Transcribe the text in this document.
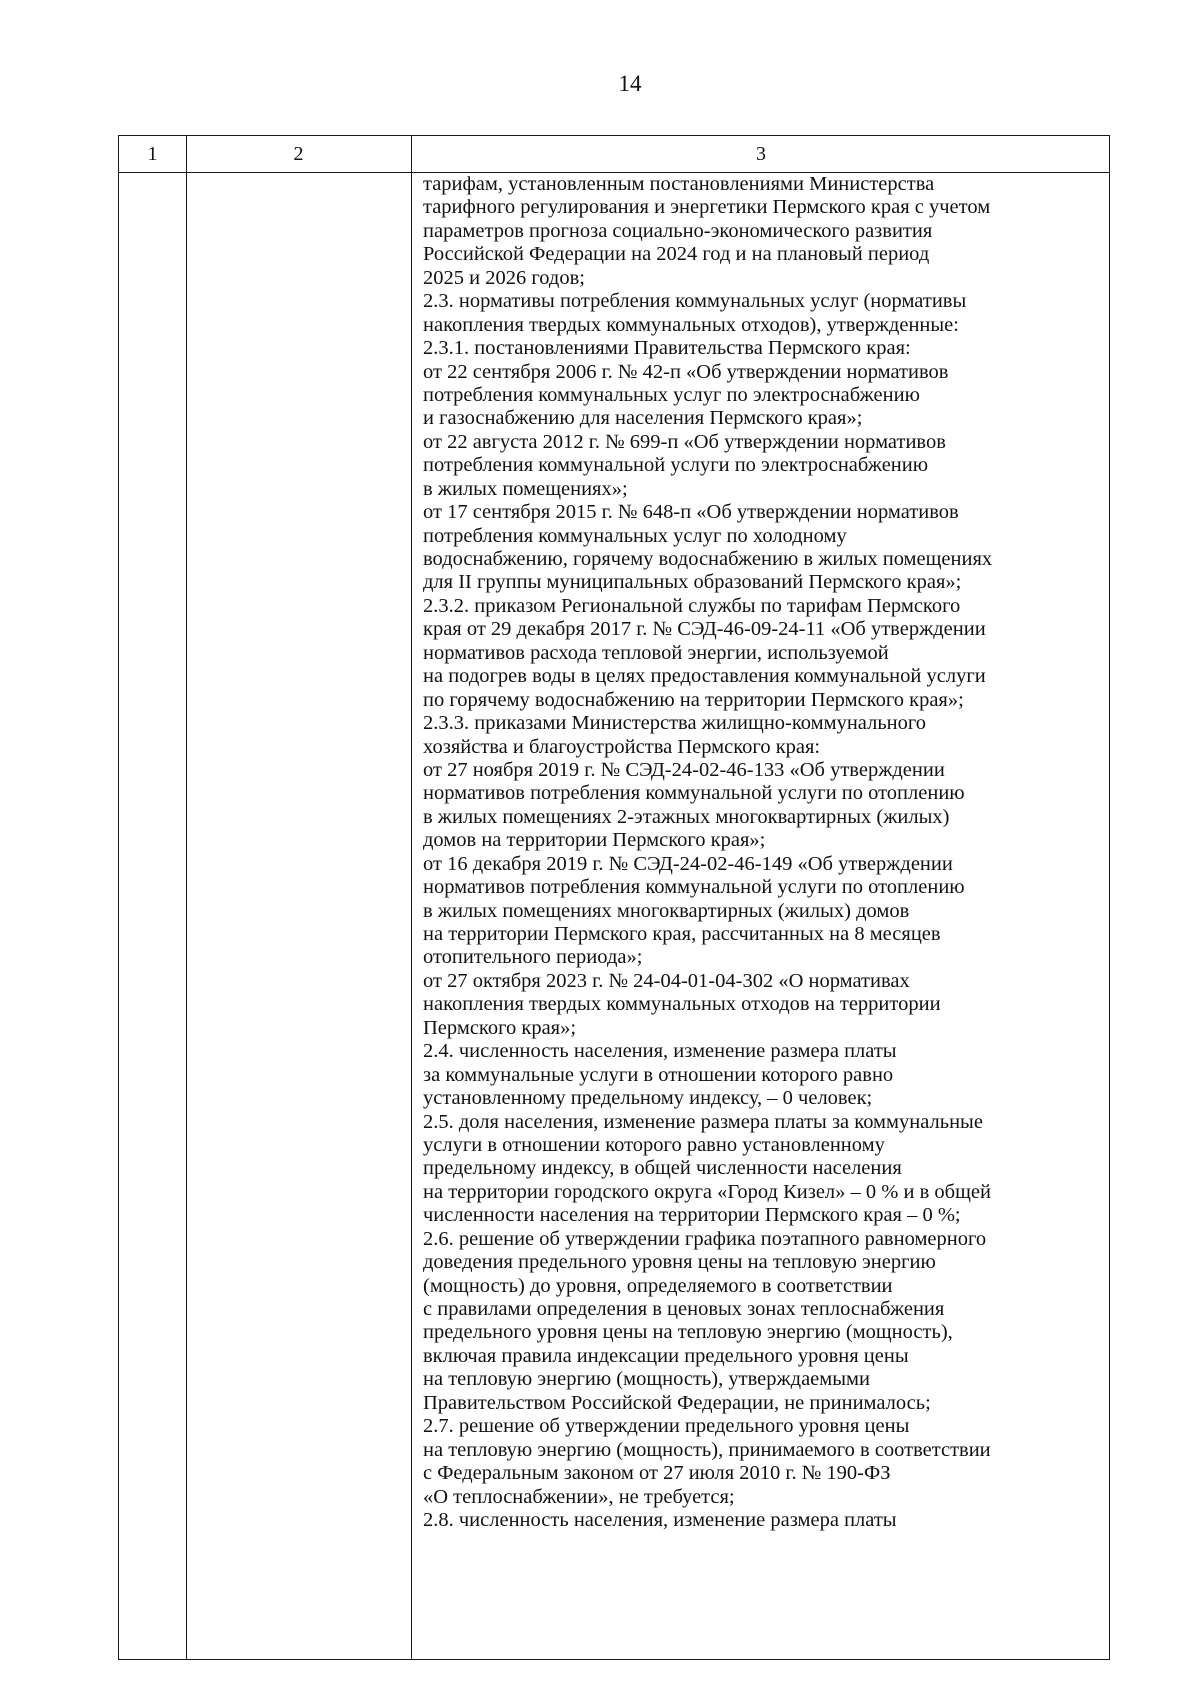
14
1	2	3
тарифам, установленным постановлениями Министерства
тарифного регулирования и энергетики Пермского края с учетом
параметров прогноза социально-экономического развития
Российской Федерации на 2024 год и на плановый период
2025 и 2026 годов;
2.3. нормативы потребления коммунальных услуг (нормативы
накопления твердых коммунальных отходов), утвержденные:
2.3.1. постановлениями Правительства Пермского края:
от 22 сентября 2006 г. № 42-п «Об утверждении нормативов
потребления коммунальных услуг по электроснабжению
и газоснабжению для населения Пермского края»;
от 22 августа 2012 г. № 699-п «Об утверждении нормативов
потребления коммунальной услуги по электроснабжению
в жилых помещениях»;
от 17 сентября 2015 г. № 648-п «Об утверждении нормативов
потребления коммунальных услуг по холодному
водоснабжению, горячему водоснабжению в жилых помещениях
для II группы муниципальных образований Пермского края»;
2.3.2. приказом Региональной службы по тарифам Пермского
края от 29 декабря 2017 г. № СЭД-46-09-24-11 «Об утверждении
нормативов расхода тепловой энергии, используемой
на подогрев воды в целях предоставления коммунальной услуги
по горячему водоснабжению на территории Пермского края»;
2.3.3. приказами Министерства жилищно-коммунального
хозяйства и благоустройства Пермского края:
от 27 ноября 2019 г. № СЭД-24-02-46-133 «Об утверждении
нормативов потребления коммунальной услуги по отоплению
в жилых помещениях 2-этажных многоквартирных (жилых)
домов на территории Пермского края»;
от 16 декабря 2019 г. № СЭД-24-02-46-149 «Об утверждении
нормативов потребления коммунальной услуги по отоплению
в жилых помещениях многоквартирных (жилых) домов
на территории Пермского края, рассчитанных на 8 месяцев
отопительного периода»;
от 27 октября 2023 г. № 24-04-01-04-302 «О нормативах
накопления твердых коммунальных отходов на территории
Пермского края»;
2.4. численность населения, изменение размера платы
за коммунальные услуги в отношении которого равно
установленному предельному индексу, – 0 человек;
2.5. доля населения, изменение размера платы за коммунальные
услуги в отношении которого равно установленному
предельному индексу, в общей численности населения
на территории городского округа «Город Кизел» – 0 % и в общей
численности населения на территории Пермского края – 0 %;
2.6. решение об утверждении графика поэтапного равномерного
доведения предельного уровня цены на тепловую энергию
(мощность) до уровня, определяемого в соответствии
с правилами определения в ценовых зонах теплоснабжения
предельного уровня цены на тепловую энергию (мощность),
включая правила индексации предельного уровня цены
на тепловую энергию (мощность), утверждаемыми
Правительством Российской Федерации, не принималось;
2.7. решение об утверждении предельного уровня цены
на тепловую энергию (мощность), принимаемого в соответствии
с Федеральным законом от 27 июля 2010 г. № 190-ФЗ
«О теплоснабжении», не требуется;
2.8. численность населения, изменение размера платы
